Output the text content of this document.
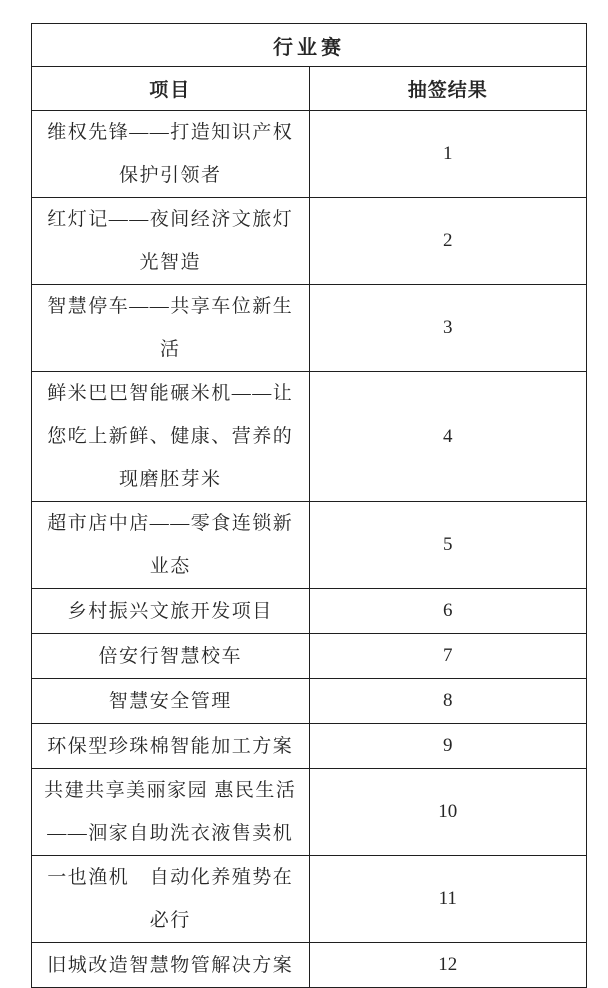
行业赛	
项目	抽签结果
维权先锋——打造知识产权保护引领者	1
红灯记——夜间经济文旅灯光智造	2
智慧停车——共享车位新生活	3
鲜米巴巴智能碾米机——让您吃上新鲜、健康、营养的现磨胚芽米	4
超市店中店——零食连锁新业态	5
乡村振兴文旅开发项目	6
倍安行智慧校车	7
智慧安全管理	8
环保型珍珠棉智能加工方案	9
共建共享美丽家园 惠民生活——洄家自助洗衣液售卖机	10
一也渔机　自动化养殖势在必行	11
旧城改造智慧物管解决方案	12
